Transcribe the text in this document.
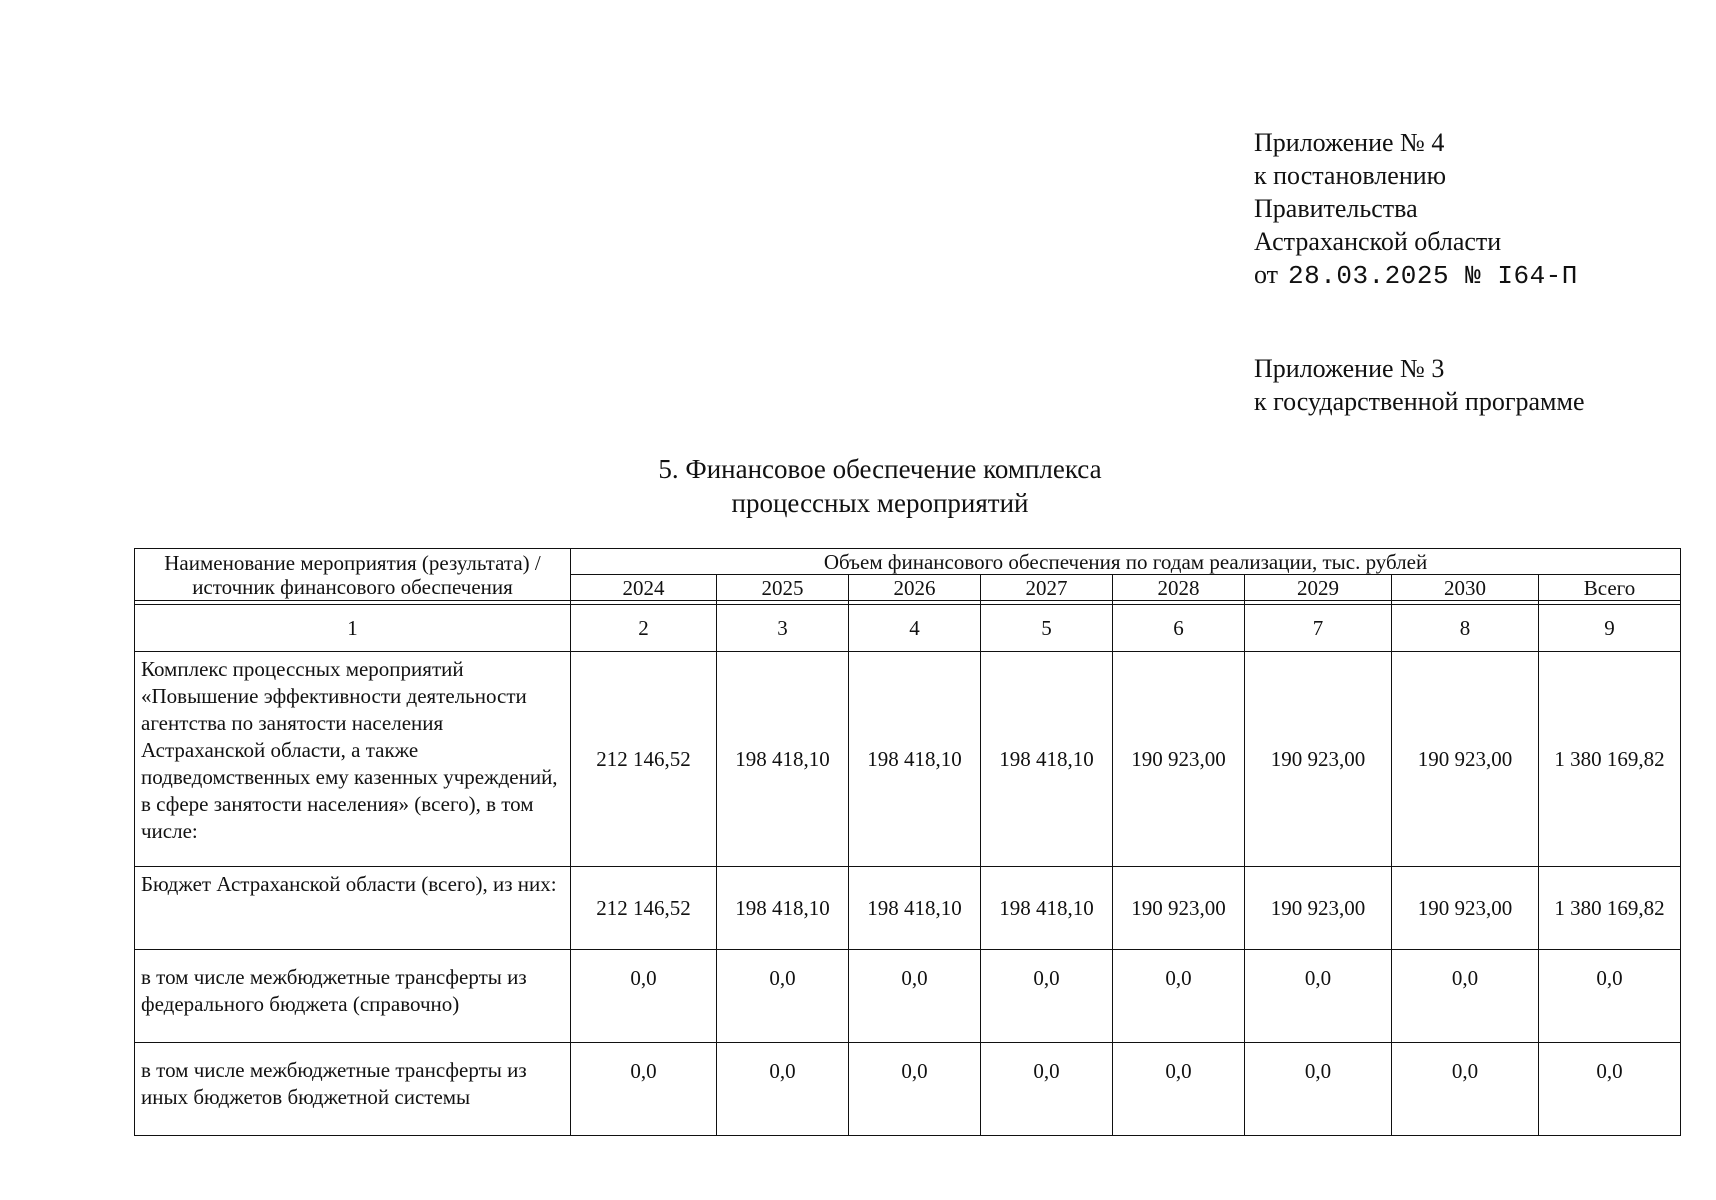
Приложение № 4
к постановлению
Правительства
Астраханской области
от 28.03.2025 № I64-П
Приложение № 3
к государственной программе
5. Финансовое обеспечение комплекса
процессных мероприятий
Наименование мероприятия (результата) /
источник финансового обеспечения	Объем финансового обеспечения по годам реализации, тыс. рублей							
	2024	2025	2026	2027	2028	2029	2030	Всего

1	2	3	4	5	6	7	8	9
Комплекс процессных мероприятий «Повышение эффективности деятельности агентства по занятости населения Астраханской области, а также подведомственных ему казенных учреждений, в сфере занятости населения» (всего), в том числе:	212 146,52	198 418,10	198 418,10	198 418,10	190 923,00	190 923,00	190 923,00	1 380 169,82
Бюджет Астраханской области (всего), из них:	212 146,52	198 418,10	198 418,10	198 418,10	190 923,00	190 923,00	190 923,00	1 380 169,82
в том числе межбюджетные трансферты из федерального бюджета (справочно)	0,0	0,0	0,0	0,0	0,0	0,0	0,0	0,0
в том числе межбюджетные трансферты из иных бюджетов бюджетной системы	0,0	0,0	0,0	0,0	0,0	0,0	0,0	0,0
